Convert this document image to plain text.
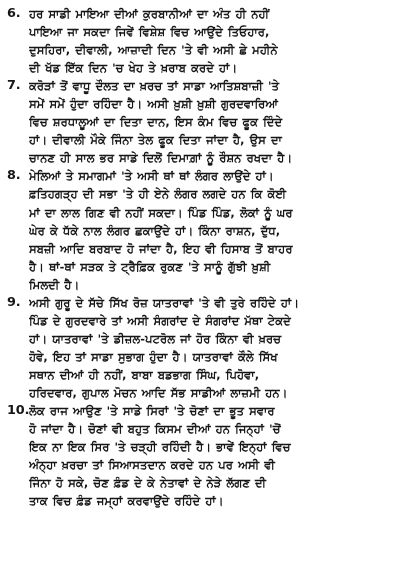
6. ਹਰ ਸਾਡੀ ਮਾਇਆ ਦੀਆਂ ਕੁਰਬਾਨੀਆਂ ਦਾ ਅੰਤ ਹੀ ਨਹੀਂ
ਪਾਇਆ ਜਾ ਸਕਦਾ ਜਿਵੇਂ ਵਿਸ਼ੇਸ਼ ਵਿਚ ਆਉਂਦੇ ਤਿਓਹਾਰ,
ਦੁਸਹਿਰਾ, ਦੀਵਾਲੀ, ਆਜ਼ਾਦੀ ਦਿਨ 'ਤੇ ਵੀ ਅਸੀ ਛੇ ਮਹੀਨੇ
ਦੀ ਖੱਡ ਇੱਕ ਦਿਨ 'ਚ ਖੇਹ ਤੇ ਖ਼ਰਾਬ ਕਰਦੇ ਹਾਂ।
7. ਕਰੋੜਾਂ ਤੋਂ ਵਾਧੂ ਦੌਲਤ ਦਾ ਖ਼ਰਚ ਤਾਂ ਸਾਡਾ ਆਤਿਸ਼ਬਾਜ਼ੀ 'ਤੇ
ਸਮੇਂ ਸਮੇਂ ਹੁੰਦਾ ਰਹਿੰਦਾ ਹੈ। ਅਸੀ ਖ਼ੁਸ਼ੀ ਖ਼ੁਸ਼ੀ ਗੁਰਦਵਾਰਿਆਂ
ਵਿਚ ਸ਼ਰਧਾਲੂਆਂ ਦਾ ਦਿਤਾ ਦਾਨ, ਇਸ ਕੰਮ ਵਿਚ ਫੂਕ ਦਿੰਦੇ
ਹਾਂ। ਦੀਵਾਲੀ ਮੌਕੇ ਜਿੰਨਾ ਤੇਲ ਫੂਕ ਦਿਤਾ ਜਾਂਦਾ ਹੈ, ਉਸ ਦਾ
ਚਾਨਣ ਹੀ ਸਾਲ ਭਰ ਸਾਡੇ ਦਿਲੋਂ ਦਿਮਾਗ਼ਾਂ ਨੂੰ ਰੌਸ਼ਨ ਰਖਦਾ ਹੈ।
8. ਮੇਲਿਆਂ ਤੇ ਸਮਾਗਮਾਂ 'ਤੇ ਅਸੀ ਥਾਂ ਥਾਂ ਲੰਗਰ ਲਾਉਂਦੇ ਹਾਂ।
ਫ਼ਤਿਹਗੜ੍ਹ ਦੀ ਸਭਾ 'ਤੇ ਹੀ ਏਨੇ ਲੰਗਰ ਲਗਦੇ ਹਨ ਕਿ ਕੋਈ
ਮਾਂ ਦਾ ਲਾਲ ਗਿਣ ਵੀ ਨਹੀਂ ਸਕਦਾ। ਪਿੰਡ ਪਿੰਡ, ਲੋਕਾਂ ਨੂੰ ਘਰ
ਘੇਰ ਕੇ ਧੱਕੇ ਨਾਲ ਲੰਗਰ ਛਕਾਉਂਦੇ ਹਾਂ। ਕਿੰਨਾ ਰਾਸ਼ਨ, ਦੁੱਧ,
ਸਬਜ਼ੀ ਆਦਿ ਬਰਬਾਦ ਹੋ ਜਾਂਦਾ ਹੈ, ਇਹ ਵੀ ਹਿਸਾਬ ਤੋਂ ਬਾਹਰ
ਹੈ। ਥਾਂ-ਥਾਂ ਸੜਕ ਤੇ ਟ੍ਰੈਫ਼ਿਕ ਰੁਕਣ 'ਤੇ ਸਾਨੂੰ ਗੁੱਝੀ ਖ਼ੁਸ਼ੀ
ਮਿਲਦੀ ਹੈ।
9. ਅਸੀ ਗੁਰੂ ਦੇ ਸੱਚੇ ਸਿੱਖ ਰੋਜ਼ ਯਾਤਰਾਵਾਂ 'ਤੇ ਵੀ ਤੁਰੇ ਰਹਿੰਦੇ ਹਾਂ।
ਪਿੰਡ ਦੇ ਗੁਰਦਵਾਰੇ ਤਾਂ ਅਸੀ ਸੰਗਰਾਂਦ ਦੇ ਸੰਗਰਾਂਦ ਮੱਥਾ ਟੇਕਦੇ
ਹਾਂ। ਯਾਤਰਾਵਾਂ 'ਤੇ ਡੀਜ਼ਲ-ਪਟਰੋਲ ਜਾਂ ਹੋਰ ਕਿੰਨਾ ਵੀ ਖ਼ਰਚ
ਹੋਵੇ, ਇਹ ਤਾਂ ਸਾਡਾ ਸੁਭਾਗ ਹੁੰਦਾ ਹੈ। ਯਾਤਰਾਵਾਂ ਕੌਲੇ ਸਿੱਖ
ਸਥਾਨ ਦੀਆਂ ਹੀ ਨਹੀਂ, ਬਾਬਾ ਬਡਭਾਗ ਸਿੰਘ, ਪਿਹੋਵਾ,
ਹਰਿਦਵਾਰ, ਗੁਪਾਲ ਮੋਚਨ ਆਦਿ ਸੱਭ ਸਾਡੀਆਂ ਲਾਜ਼ਮੀ ਹਨ।
10. ਲੋਕ ਰਾਜ ਆਉਣ 'ਤੇ ਸਾਡੇ ਸਿਰਾਂ 'ਤੇ ਚੋਣਾਂ ਦਾ ਭੂਤ ਸਵਾਰ
ਹੋ ਜਾਂਦਾ ਹੈ। ਚੋਣਾਂ ਵੀ ਬਹੁਤ ਕਿਸਮ ਦੀਆਂ ਹਨ ਜਿਨ੍ਹਾਂ 'ਚੋਂ
ਇਕ ਨਾ ਇਕ ਸਿਰ 'ਤੇ ਚੜ੍ਹੀ ਰਹਿੰਦੀ ਹੈ। ਭਾਵੇਂ ਇਨ੍ਹਾਂ ਵਿਚ
ਅੰਨ੍ਹਾ ਖ਼ਰਚਾ ਤਾਂ ਸਿਆਸਤਦਾਨ ਕਰਦੇ ਹਨ ਪਰ ਅਸੀ ਵੀ
ਜਿੰਨਾ ਹੋ ਸਕੇ, ਚੋਣ ਫ਼ੰਡ ਦੇ ਕੇ ਨੇਤਾਵਾਂ ਦੇ ਨੇੜੇ ਲੱਗਣ ਦੀ
ਤਾਕ ਵਿਚ ਫ਼ੰਡ ਜਮ੍ਹਾਂ ਕਰਵਾਉਂਦੇ ਰਹਿੰਦੇ ਹਾਂ।
